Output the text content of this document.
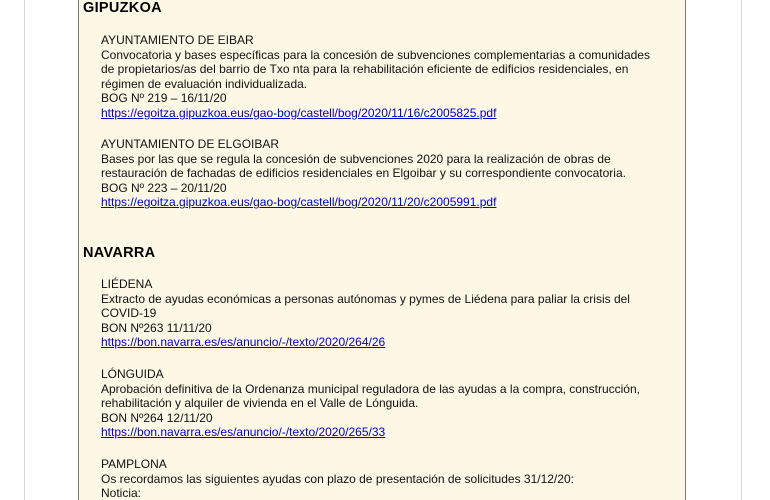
GIPUZKOA
AYUNTAMIENTO DE EIBAR
Convocatoria y bases específicas para la concesión de subvenciones complementarias a comunidades
de propietarios/as del barrio de Txo nta para la rehabilitación eficiente de edificios residenciales, en
régimen de evaluación individualizada.
BOG Nº 219 – 16/11/20
https://egoitza.gipuzkoa.eus/gao-bog/castell/bog/2020/11/16/c2005825.pdf
AYUNTAMIENTO DE ELGOIBAR
Bases por las que se regula la concesión de subvenciones 2020 para la realización de obras de
restauración de fachadas de edificios residenciales en Elgoibar y su correspondiente convocatoria.
BOG Nº 223 – 20/11/20
https://egoitza.gipuzkoa.eus/gao-bog/castell/bog/2020/11/20/c2005991.pdf
NAVARRA
LIÉDENA
Extracto de ayudas económicas a personas autónomas y pymes de Liédena para paliar la crisis del
COVID-19
BON Nº263 11/11/20
https://bon.navarra.es/es/anuncio/-/texto/2020/264/26
LÓNGUIDA
Aprobación definitiva de la Ordenanza municipal reguladora de las ayudas a la compra, construcción,
rehabilitación y alquiler de vivienda en el Valle de Lónguida.
BON Nº264 12/11/20
https://bon.navarra.es/es/anuncio/-/texto/2020/265/33
PAMPLONA
Os recordamos las siguientes ayudas con plazo de presentación de solicitudes 31/12/20:
Noticia:
